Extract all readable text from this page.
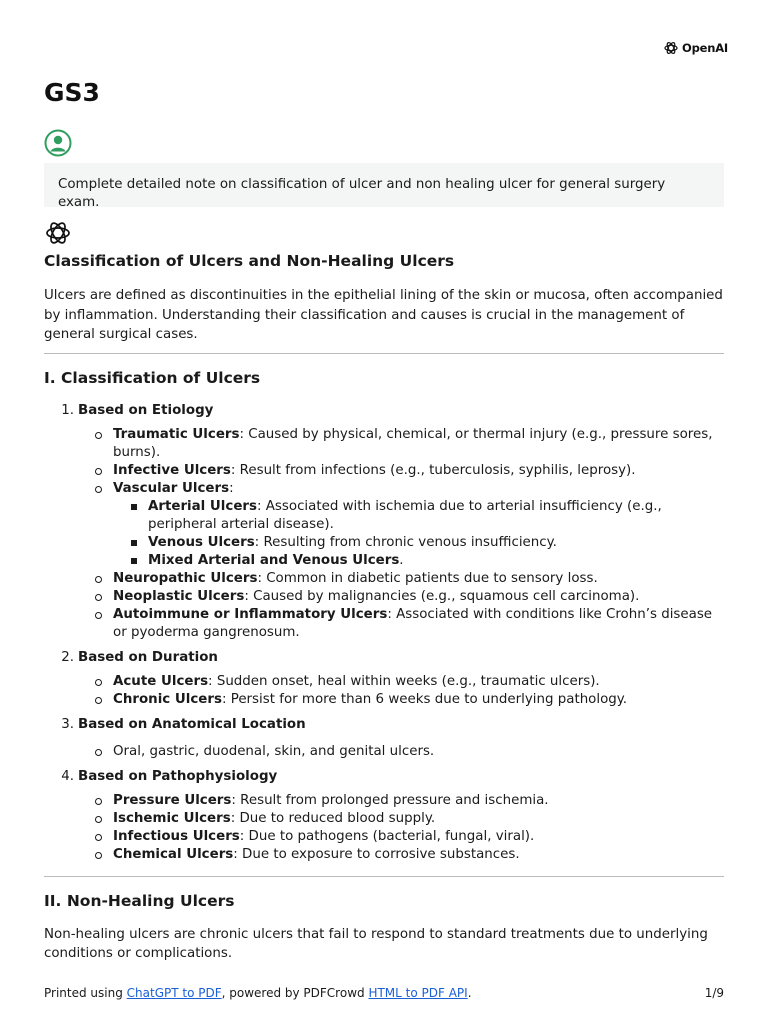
OpenAI
GS3
Complete detailed note on classification of ulcer and non healing ulcer for general surgery exam.
Classification of Ulcers and Non-Healing Ulcers

Ulcers are defined as discontinuities in the epithelial lining of the skin or mucosa, often accompanied by inflammation. Understanding their classification and causes is crucial in the management of general surgical cases.

I. Classification of Ulcers
1. Based on Etiology
Traumatic Ulcers: Caused by physical, chemical, or thermal injury (e.g., pressure sores, burns).
Infective Ulcers: Result from infections (e.g., tuberculosis, syphilis, leprosy).
Vascular Ulcers:
Arterial Ulcers: Associated with ischemia due to arterial insufficiency (e.g., peripheral arterial disease).
Venous Ulcers: Resulting from chronic venous insufficiency.
Mixed Arterial and Venous Ulcers.
Neuropathic Ulcers: Common in diabetic patients due to sensory loss.
Neoplastic Ulcers: Caused by malignancies (e.g., squamous cell carcinoma).
Autoimmune or Inflammatory Ulcers: Associated with conditions like Crohn’s disease or pyoderma gangrenosum.
2. Based on Duration
Acute Ulcers: Sudden onset, heal within weeks (e.g., traumatic ulcers).
Chronic Ulcers: Persist for more than 6 weeks due to underlying pathology.
3. Based on Anatomical Location
Oral, gastric, duodenal, skin, and genital ulcers.
4. Based on Pathophysiology
Pressure Ulcers: Result from prolonged pressure and ischemia.
Ischemic Ulcers: Due to reduced blood supply.
Infectious Ulcers: Due to pathogens (bacterial, fungal, viral).
Chemical Ulcers: Due to exposure to corrosive substances.
II. Non-Healing Ulcers

Non-healing ulcers are chronic ulcers that fail to respond to standard treatments due to underlying conditions or complications.

Printed using ChatGPT to PDF, powered by PDFCrowd HTML to PDF API.	1/9
